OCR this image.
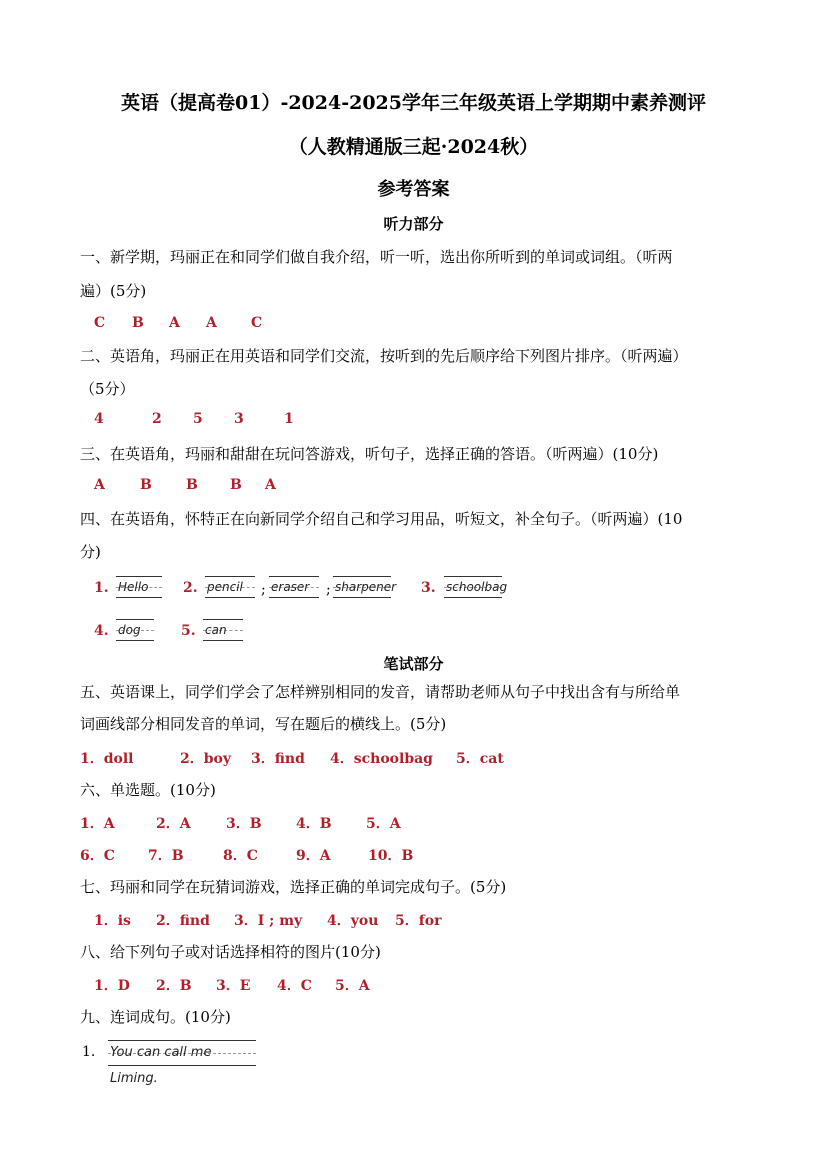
英语（提高卷01）-2024-2025学年三年级英语上学期期中素养测评
（人教精通版三起·2024秋）
参考答案
听力部分
一、新学期，玛丽正在和同学们做自我介绍，听一听，选出你所听到的单词或词组。（听两
遍）(5分)
C B A A C
二、英语角，玛丽正在用英语和同学们交流，按听到的先后顺序给下列图片排序。（听两遍）
（5分）
4	2 5 3	1
三、在英语角，玛丽和甜甜在玩问答游戏，听句子，选择正确的答语。（听两遍）(10分)
A	B B B A
四、在英语角，怀特正在向新同学介绍自己和学习用品，听短文，补全句子。（听两遍）(10
分)
1. Hello	2. pencil	; eraser	; sharpener 3. schoolbag
4. dog	5. can
笔试部分
五、英语课上，同学们学会了怎样辨别相同的发音，请帮助老师从句子中找出含有与所给单
词画线部分相同发音的单词，写在题后的横线上。(5分)
1．doll	2．boy 3．find 4．schoolbag 5．cat
六、单选题。(10分)
1．A	2．A	3．B 4．B 5．A
6．C 7．B	8．C	9．A	10．B
七、玛丽和同学在玩猜词游戏，选择正确的单词完成句子。(5分)
1．is 2．find 3．I ; my 4．you 5．for
八、给下列句子或对话选择相符的图片(10分)
1．D 2．B 3．E 4．C 5．A
九、连词成句。(10分)
1. You can call me Liming.
